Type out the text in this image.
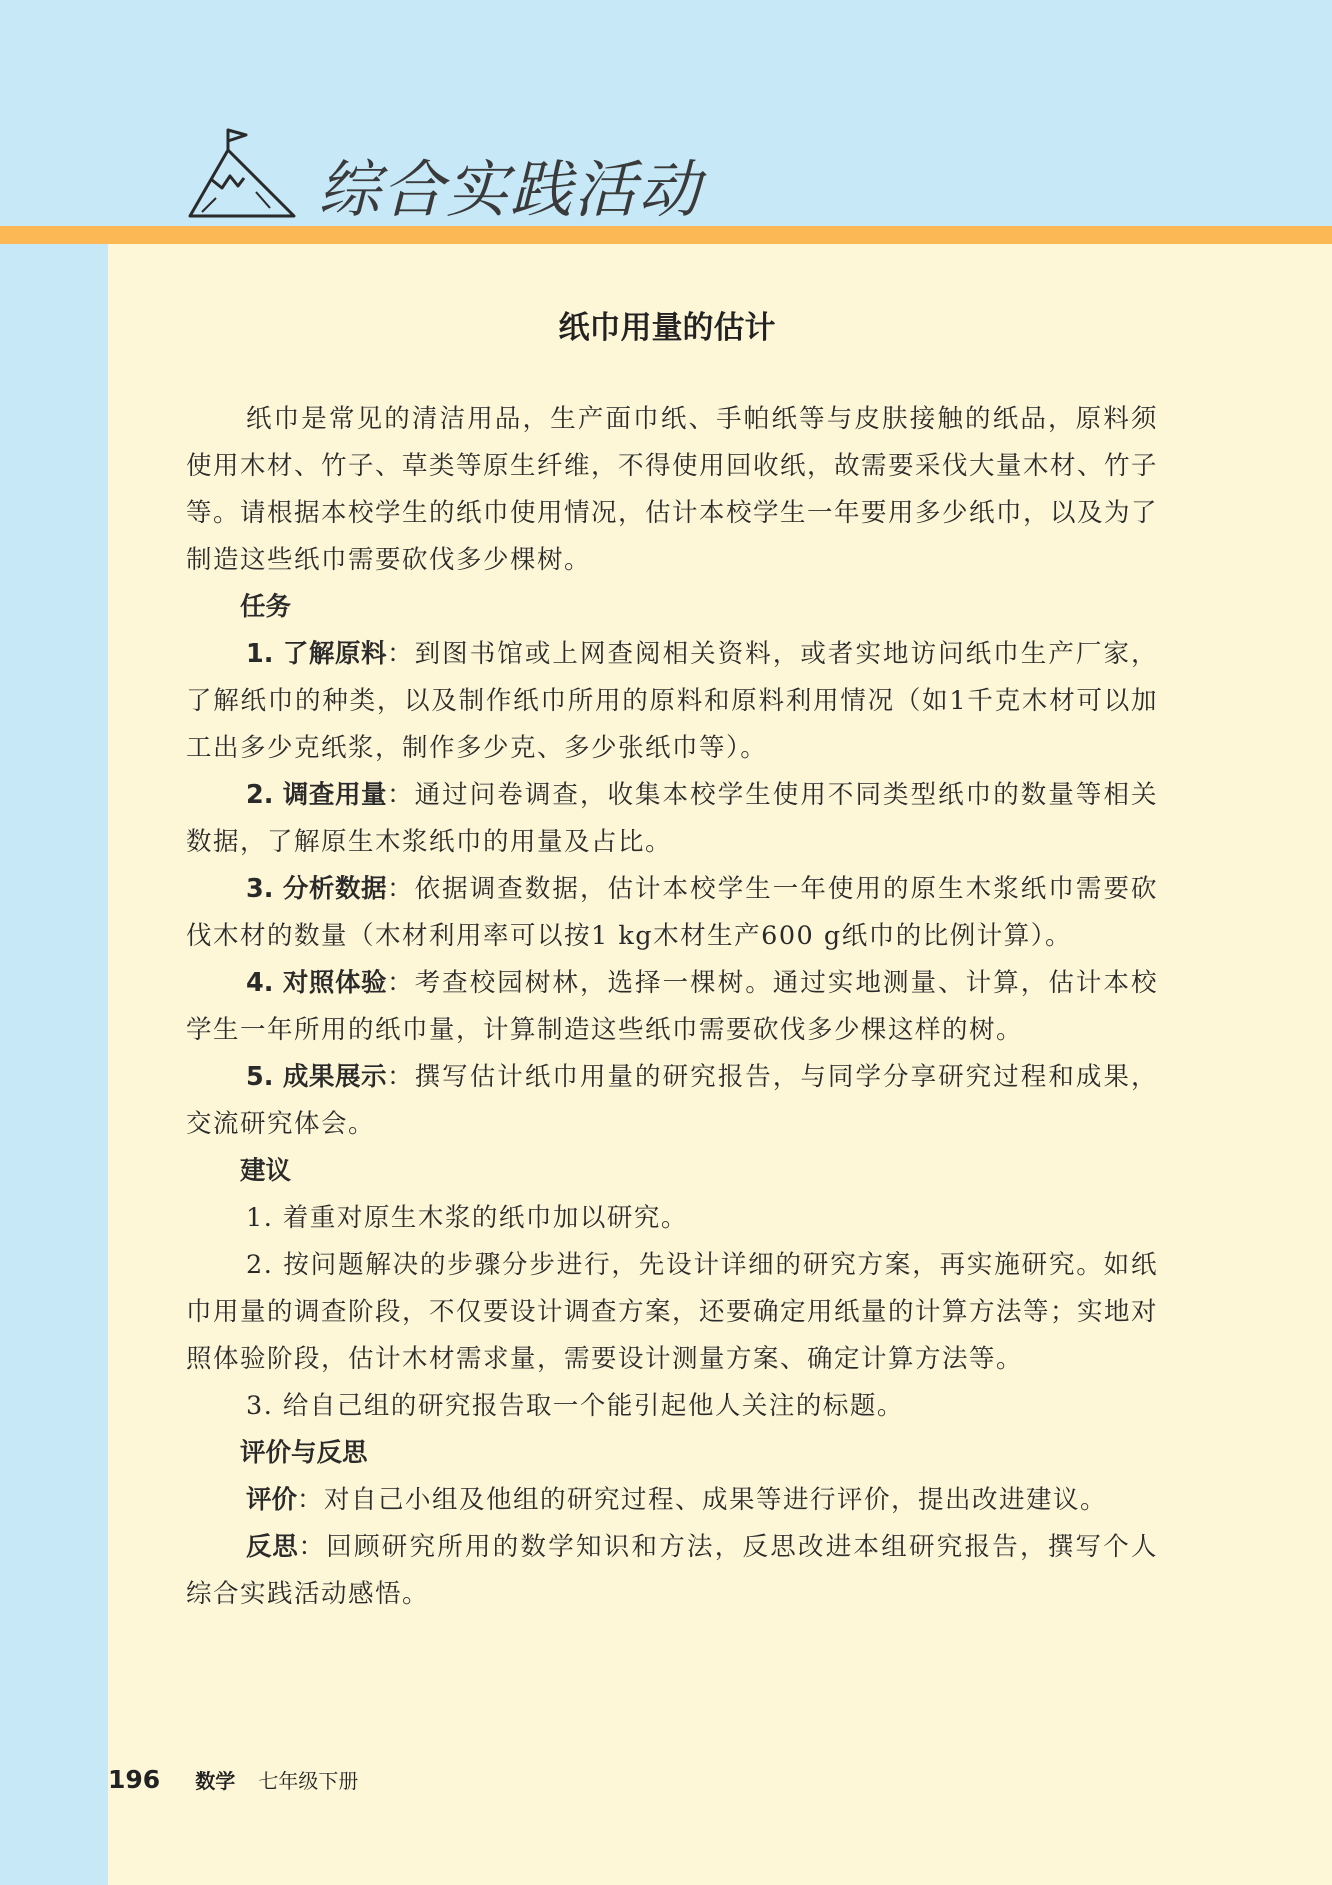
综合实践活动
纸巾用量的估计

纸巾是常见的清洁用品，生产面巾纸、手帕纸等与皮肤接触的纸品，原料须使用木材、竹子、草类等原生纤维，不得使用回收纸，故需要采伐大量木材、竹子等。请根据本校学生的纸巾使用情况，估计本校学生一年要用多少纸巾，以及为了制造这些纸巾需要砍伐多少棵树。

任务

1. 了解原料：到图书馆或上网查阅相关资料，或者实地访问纸巾生产厂家，了解纸巾的种类，以及制作纸巾所用的原料和原料利用情况（如1千克木材可以加工出多少克纸浆，制作多少克、多少张纸巾等）。

2. 调查用量：通过问卷调查，收集本校学生使用不同类型纸巾的数量等相关数据，了解原生木浆纸巾的用量及占比。

3. 分析数据：依据调查数据，估计本校学生一年使用的原生木浆纸巾需要砍伐木材的数量（木材利用率可以按1 kg木材生产600 g纸巾的比例计算）。

4. 对照体验：考查校园树林，选择一棵树。通过实地测量、计算，估计本校学生一年所用的纸巾量，计算制造这些纸巾需要砍伐多少棵这样的树。

5. 成果展示：撰写估计纸巾用量的研究报告，与同学分享研究过程和成果，交流研究体会。

建议

1. 着重对原生木浆的纸巾加以研究。

2. 按问题解决的步骤分步进行，先设计详细的研究方案，再实施研究。如纸巾用量的调查阶段，不仅要设计调查方案，还要确定用纸量的计算方法等；实地对照体验阶段，估计木材需求量，需要设计测量方案、确定计算方法等。

3. 给自己组的研究报告取一个能引起他人关注的标题。

评价与反思

评价：对自己小组及他组的研究过程、成果等进行评价，提出改进建议。

反思：回顾研究所用的数学知识和方法，反思改进本组研究报告，撰写个人综合实践活动感悟。

196 数学 七年级下册
